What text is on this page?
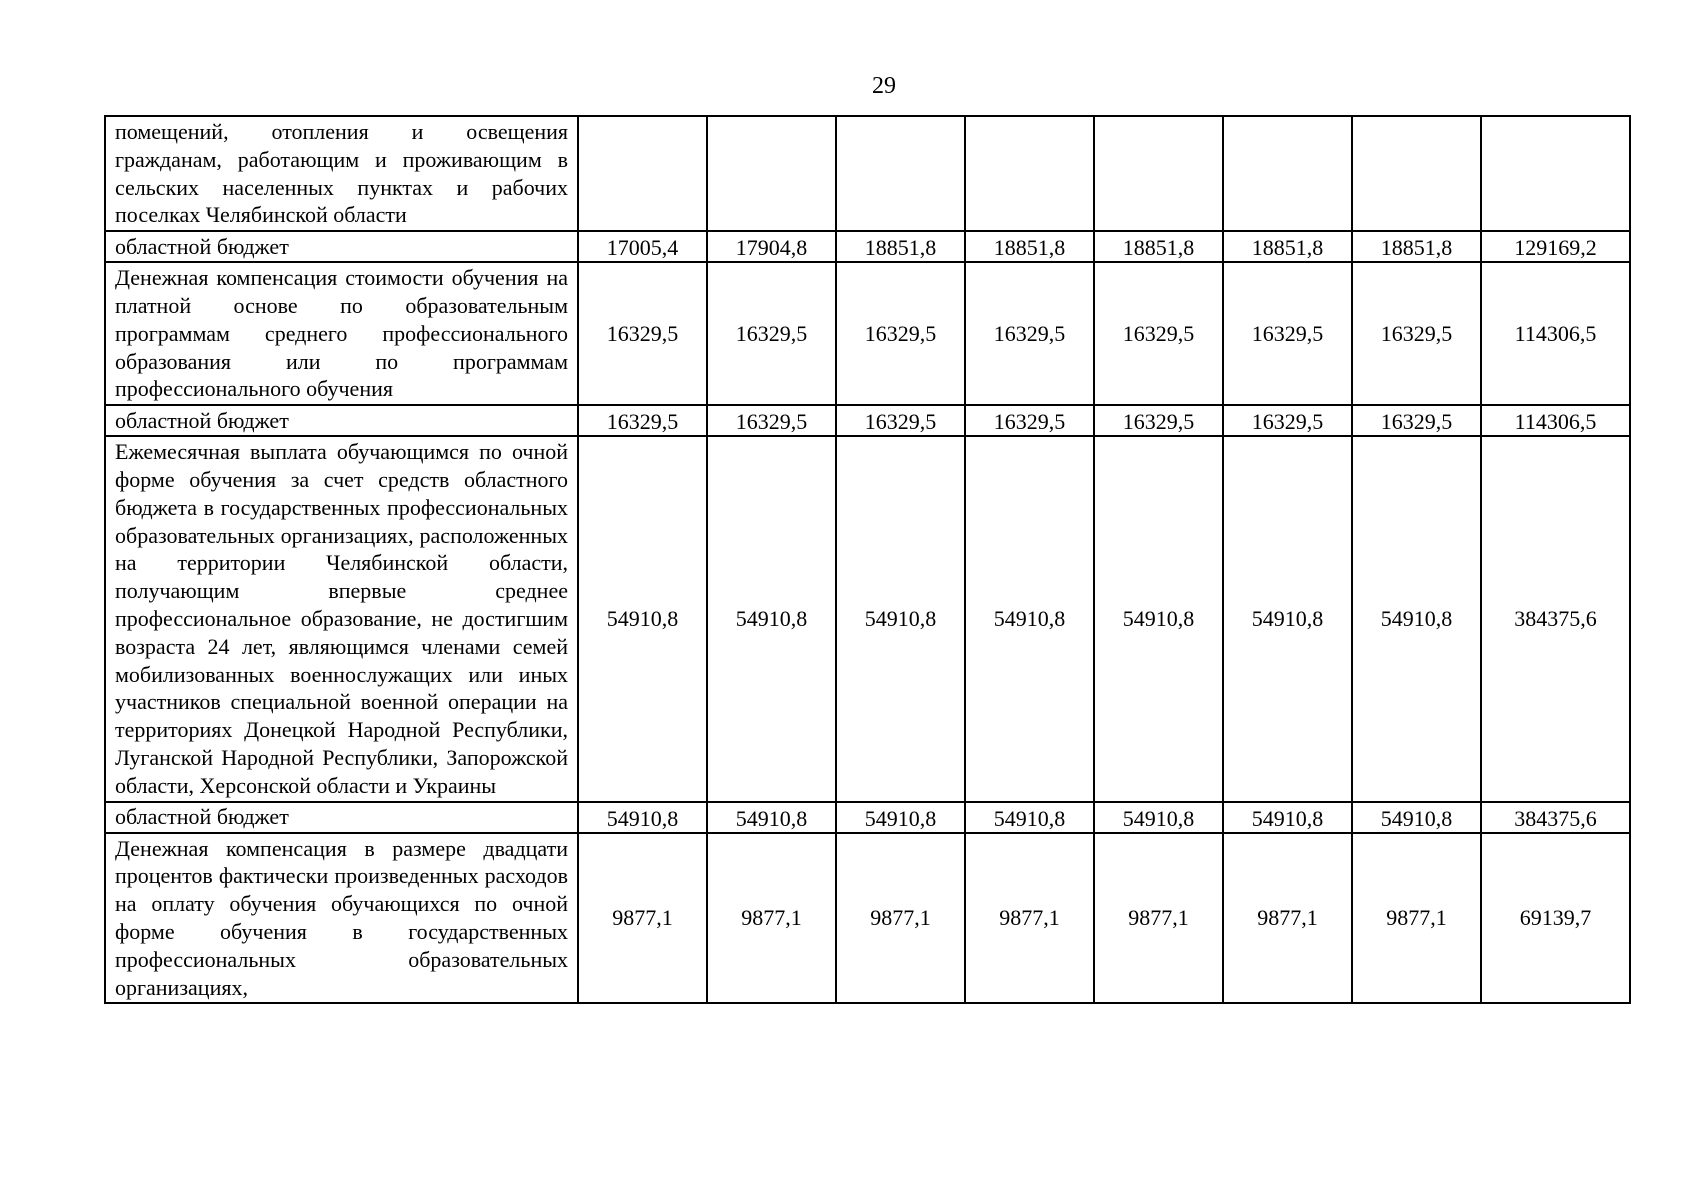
29
помещений, отопления и освещения гражданам, работающим и проживающим в сельских населенных пунктах и рабочих поселках Челябинской области								
областной бюджет	17005,4	17904,8	18851,8	18851,8	18851,8	18851,8	18851,8	129169,2
Денежная компенсация стоимости обучения на платной основе по образовательным программам среднего профессионального образования или по программам профессионального обучения	16329,5	16329,5	16329,5	16329,5	16329,5	16329,5	16329,5	114306,5
областной бюджет	16329,5	16329,5	16329,5	16329,5	16329,5	16329,5	16329,5	114306,5
Ежемесячная выплата обучающимся по очной форме обучения за счет средств областного бюджета в государственных профессиональных образовательных организациях, расположенных на территории Челябинской области, получающим впервые среднее профессиональное образование, не достигшим возраста 24 лет, являющимся членами семей мобилизованных военнослужащих или иных участников специальной военной операции на территориях Донецкой Народной Республики, Луганской Народной Республики, Запорожской области, Херсонской области и Украины	54910,8	54910,8	54910,8	54910,8	54910,8	54910,8	54910,8	384375,6
областной бюджет	54910,8	54910,8	54910,8	54910,8	54910,8	54910,8	54910,8	384375,6
Денежная компенсация в размере двадцати процентов фактически произведенных расходов на оплату обучения обучающихся по очной форме обучения в государственных профессиональных образовательных организациях,	9877,1	9877,1	9877,1	9877,1	9877,1	9877,1	9877,1	69139,7
